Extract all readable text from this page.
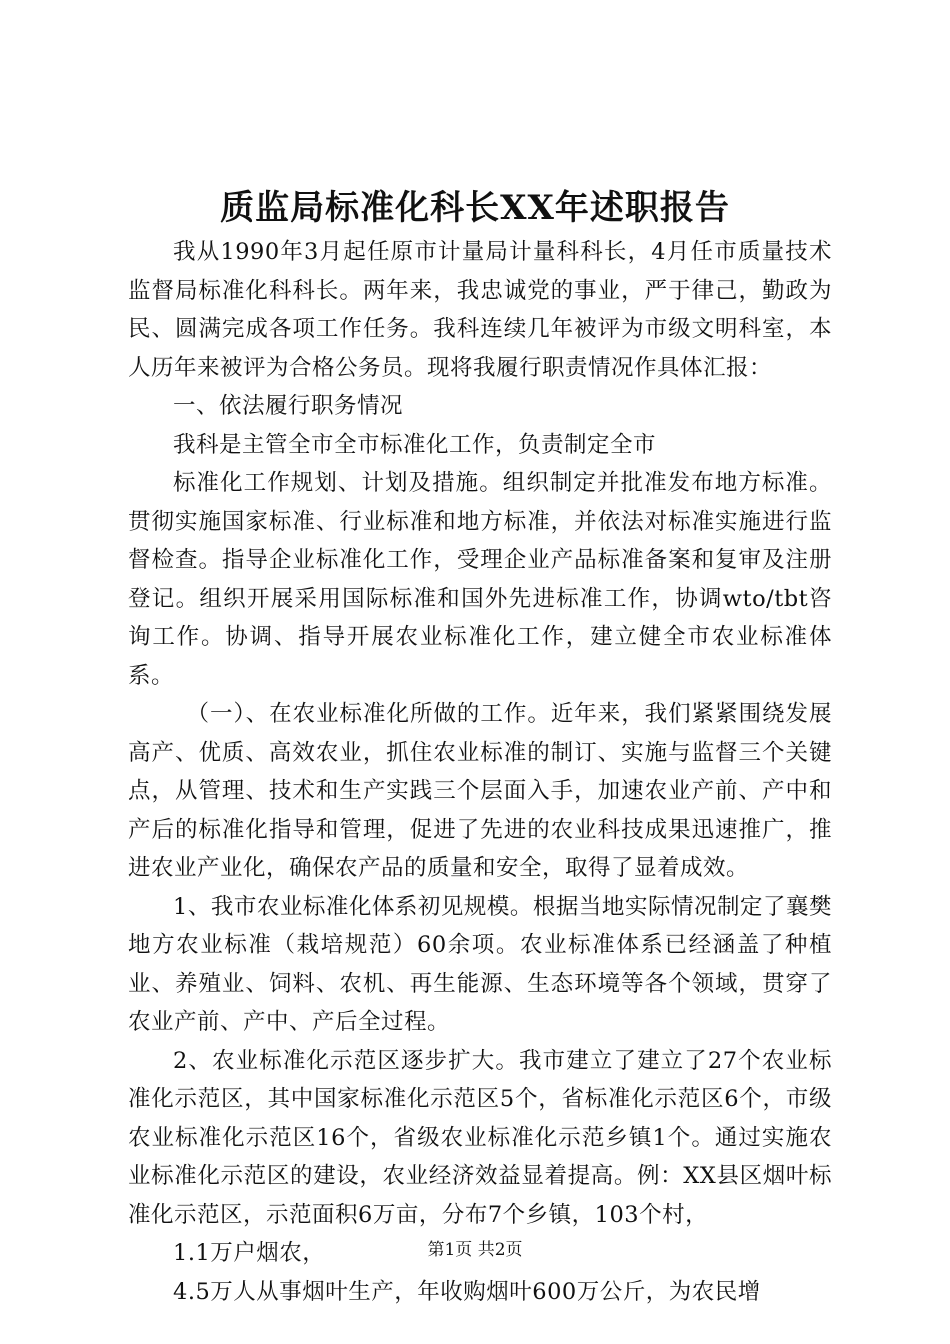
质监局标准化科长XX年述职报告

我从1990年3月起任原市计量局计量科科长，4月任市质量技术监督局标准化科科长。两年来，我忠诚党的事业，严于律己，勤政为民、圆满完成各项工作任务。我科连续几年被评为市级文明科室，本人历年来被评为合格公务员。现将我履行职责情况作具体汇报：

一、依法履行职务情况

我科是主管全市全市标准化工作，负责制定全市

标准化工作规划、计划及措施。组织制定并批准发布地方标准。贯彻实施国家标准、行业标准和地方标准，并依法对标准实施进行监督检查。指导企业标准化工作，受理企业产品标准备案和复审及注册登记。组织开展采用国际标准和国外先进标准工作，协调wto/tbt咨询工作。协调、指导开展农业标准化工作，建立健全市农业标准体系。

（一）、在农业标准化所做的工作。近年来，我们紧紧围绕发展高产、优质、高效农业，抓住农业标准的制订、实施与监督三个关键点，从管理、技术和生产实践三个层面入手，加速农业产前、产中和产后的标准化指导和管理，促进了先进的农业科技成果迅速推广，推进农业产业化，确保农产品的质量和安全，取得了显着成效。

1、我市农业标准化体系初见规模。根据当地实际情况制定了襄樊地方农业标准（栽培规范）60余项。农业标准体系已经涵盖了种植业、养殖业、饲料、农机、再生能源、生态环境等各个领域，贯穿了农业产前、产中、产后全过程。

2、农业标准化示范区逐步扩大。我市建立了建立了27个农业标准化示范区，其中国家标准化示范区5个，省标准化示范区6个，市级农业标准化示范区16个，省级农业标准化示范乡镇1个。通过实施农业标准化示范区的建设，农业经济效益显着提高。例：XX县区烟叶标准化示范区，示范面积6万亩，分布7个乡镇，103个村，

1.1万户烟农，

4.5万人从事烟叶生产，年收购烟叶600万公斤，为农民增

第1页 共2页
